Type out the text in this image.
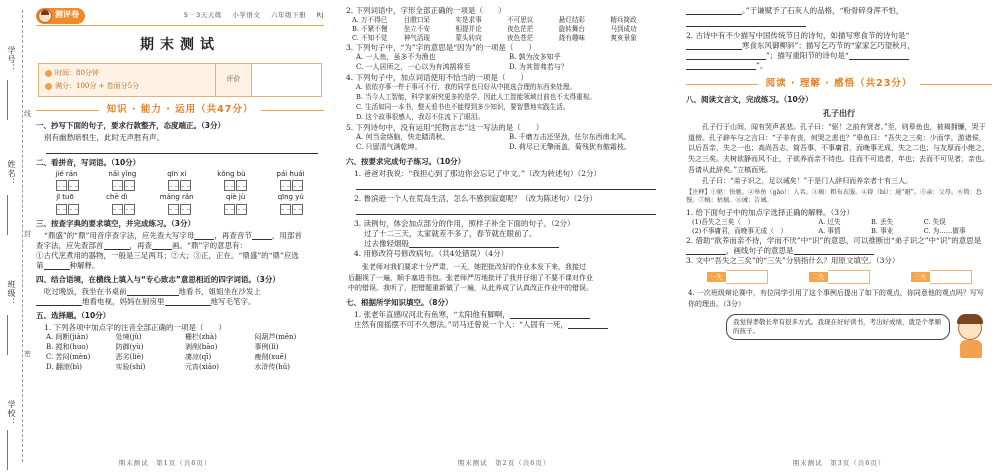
学号：
姓名：
班级：
学校：
线
封
密
测评卷	5 · 3天天练 小学语文 六年级下册 RJ
期末测试
时间：80分钟
满分：100分 + 卷面分5分
评价
知识 · 能力 · 运用（共47分）
一、抄写下面的句子，要求行款整齐，态度端正。（3分）
别有幽愁暗恨生，此时无声胜有声。
二、看拼音，写词语。（10分）
jié rán	nǎi yǐng	qīn xí	kǒng bù	pái huái
jī tuō	chē dì	máng rán	qiè jù	qīng yú
三、按查字典的要求填空，并完成练习。（3分）
“鼎盛”的“鼎”用音序查字法，应先查大写字母	，再查音节	，用部首
查字法，应先查部首	，再查	画。“鼎”字的意思有：
①古代烹煮用的器物，一般是三足两耳；②大；③正，正在。“鼎盛”的“鼎”应选
第	种解释。
四、结合语境，在横线上填入与“专心致志”意思相近的四字词语。（3分）
吃过晚饭，我坐在书桌前	地看书，姐姐坐在沙发上
地看电视，妈妈在厨房里	地写毛笔字。
五、选择题。（10分）
1. 下列各项中加点字的注音全部正确的一项是（　　）
A. 间断(jiàn)	处境(jǔ)	栅栏(zhà)	闷葫芦(mēn)
B. 搅和(huo)	防御(yù)	剥削(bāo)	事例(lì)
C. 苦闷(mèn)	恶劣(liè)	凄凉(qī)	瘦削(xuē)
D. 翻滚(bì)	实验(shí)	元宵(xiāo)	水浒传(hǔ)
期末测试　第1页（共6页）
2. 下列词语中，字形全部正确的一项是（　　）
A. 万不得已	目瞪口呆	实是求事	不可思议	悬灯结彩	精兵简政
B. 不紧不慢	坐立不安	相提并论	夜色茫茫	旋转舞台	马到成功
C. 不知不觉	神气活现	蒙头转向	夜色苍茫	烧有趣味	爽亥景象
3. 下列句子中，“为”字的意思是“因为”的一项是（　　）
A. 一人鱼，虽多不为渔也	B. 孰为汝多知乎
C. 一人居所之，一心以为有鸿鹄将至	D. 为其智弗若与？
4. 下列句子中，加点词语使用不恰当的一项是（　　）
A. 依依亦事一件于事可不行，我的同学也只好从中挑选合理的东西来处理。
B. 当今人工智能，科学家研究更多的是学，因此人工智能领域目前也不太得重视。
C. 生活如同一本书，整天看书也不能得到多少知识，要智慧地实践生活。
D. 这个故事很感人，我忍不住流下了眼泪。
5. 下列诗句中，没有运用“托物言志”这一写法的是（　　）
A. 何当金络脑，快走踏清秋。	B. 千磨万击还坚劲，任尔东西南北风。
C. 只留清气满乾坤。	D. 荷尽已无擎雨盖，菊残犹有傲霜枝。
六、按要求完成句子练习。（10分）
1. 爸爸对我说：“我担心到了那边你会忘记了中文。”（改为转述句）（2分）
2. 鲁滨逊一个人在荒岛生活，怎么不感到寂寞呢？（改为陈述句）（2分）
3. 读例句，体会加点部分的作用，照样子补全下面的句子。（2分）
过了十二三天，太家就差不多了，春节就在眼前了。
过去像轻烟般
4. 用修改符号修改病句。（共4处错误）（4分）
张老师对我们要求十分严肃，一天，她把批改好的作业本发下来，我接过
后翻视了一遍，顺手塞进书包。张老师严厉地批评了我并仔细了不要不课对作业
中的错误。我听了，把错题重新做了一遍，从此养成了认真改正作业中的错误。
七、根据所学知识填空。（8分）
1. 张老年直感叹河北有鱼寒，“太阳他有脚啊，
庄然有面摇摆不可不久想法。”司马迁曾说一个人：“人固有一死，
期末测试　第2页（共6页）
。”于谦赋予了石灰人的品格，“粉骨碎身浑不怕，
2. 古诗中有不少描写中国传统节日的诗句，如描写寒食节的诗句是“
寒食东风御柳斜”；描写乞巧节的“家家乞巧望秋月，
”；描写重阳节的诗句是“
”。
阅读 · 理解 · 感悟（共23分）
八、阅读文言文，完成练习。（10分）
孔子出行
孔子行于山间，闻有哭声甚悲。孔子曰：“驱！之前有贤者。”至，则皋鱼也，被褐拥镰，哭于道傍。孔子辟车与之言曰：“子非有丧，何哭之悲也？”皋鱼曰：“吾失之三矣：少而学，游诸侯，以后吾亲，失之一也；高尚吾志，简吾事，不事庸君，而晚事无成，失之二也；与友厚而小绝之，失之三矣。夫树欲静而风不止，子欲养而亲不待也。往而不可追者，年也；去而不可见者，亲也。吾请从此辞矣。”立槁而死。
孔子曰：“弟子识之，足以诫矣！”于是门人辞归而养亲者十有三人。
【注释】①驱：快驰。②皋鱼（gāo）：人名。③褐：粗布衣服。④辟（bì）：通“避”。⑤亲：父母。⑥简：怠慢。⑦槁：枯槁。⑧诫：告诫。
1. 给下面句子中的加点字选择正确的解释。（3分）
(1)吾失之三矣（　）	A. 过失	B. 丢失	C. 失误
(2)不事庸君，而晚事无成（　）	A. 事情	B. 事业	C. 为……做事
2. 借助“欲养而亲不待，学而不厌”中“识”的意思，可以推断出“弟子识之”中“识”的意思是
，画线句子的意思是
3. 文中“吾失之三矣”的“三失”分别指什么？用原文填空。（3分）
一失	二失	三失
4. 一次班级辩论赛中，有位同学引用了这个事例后提出了如下的观点，你同意他的观点吗？写写你的理由。（3分）
我觉得孝敬长辈有很多方式。我现在好好读书，考出好成绩，就是个孝顺的孩子。
期末测试　第3页（共6页）
